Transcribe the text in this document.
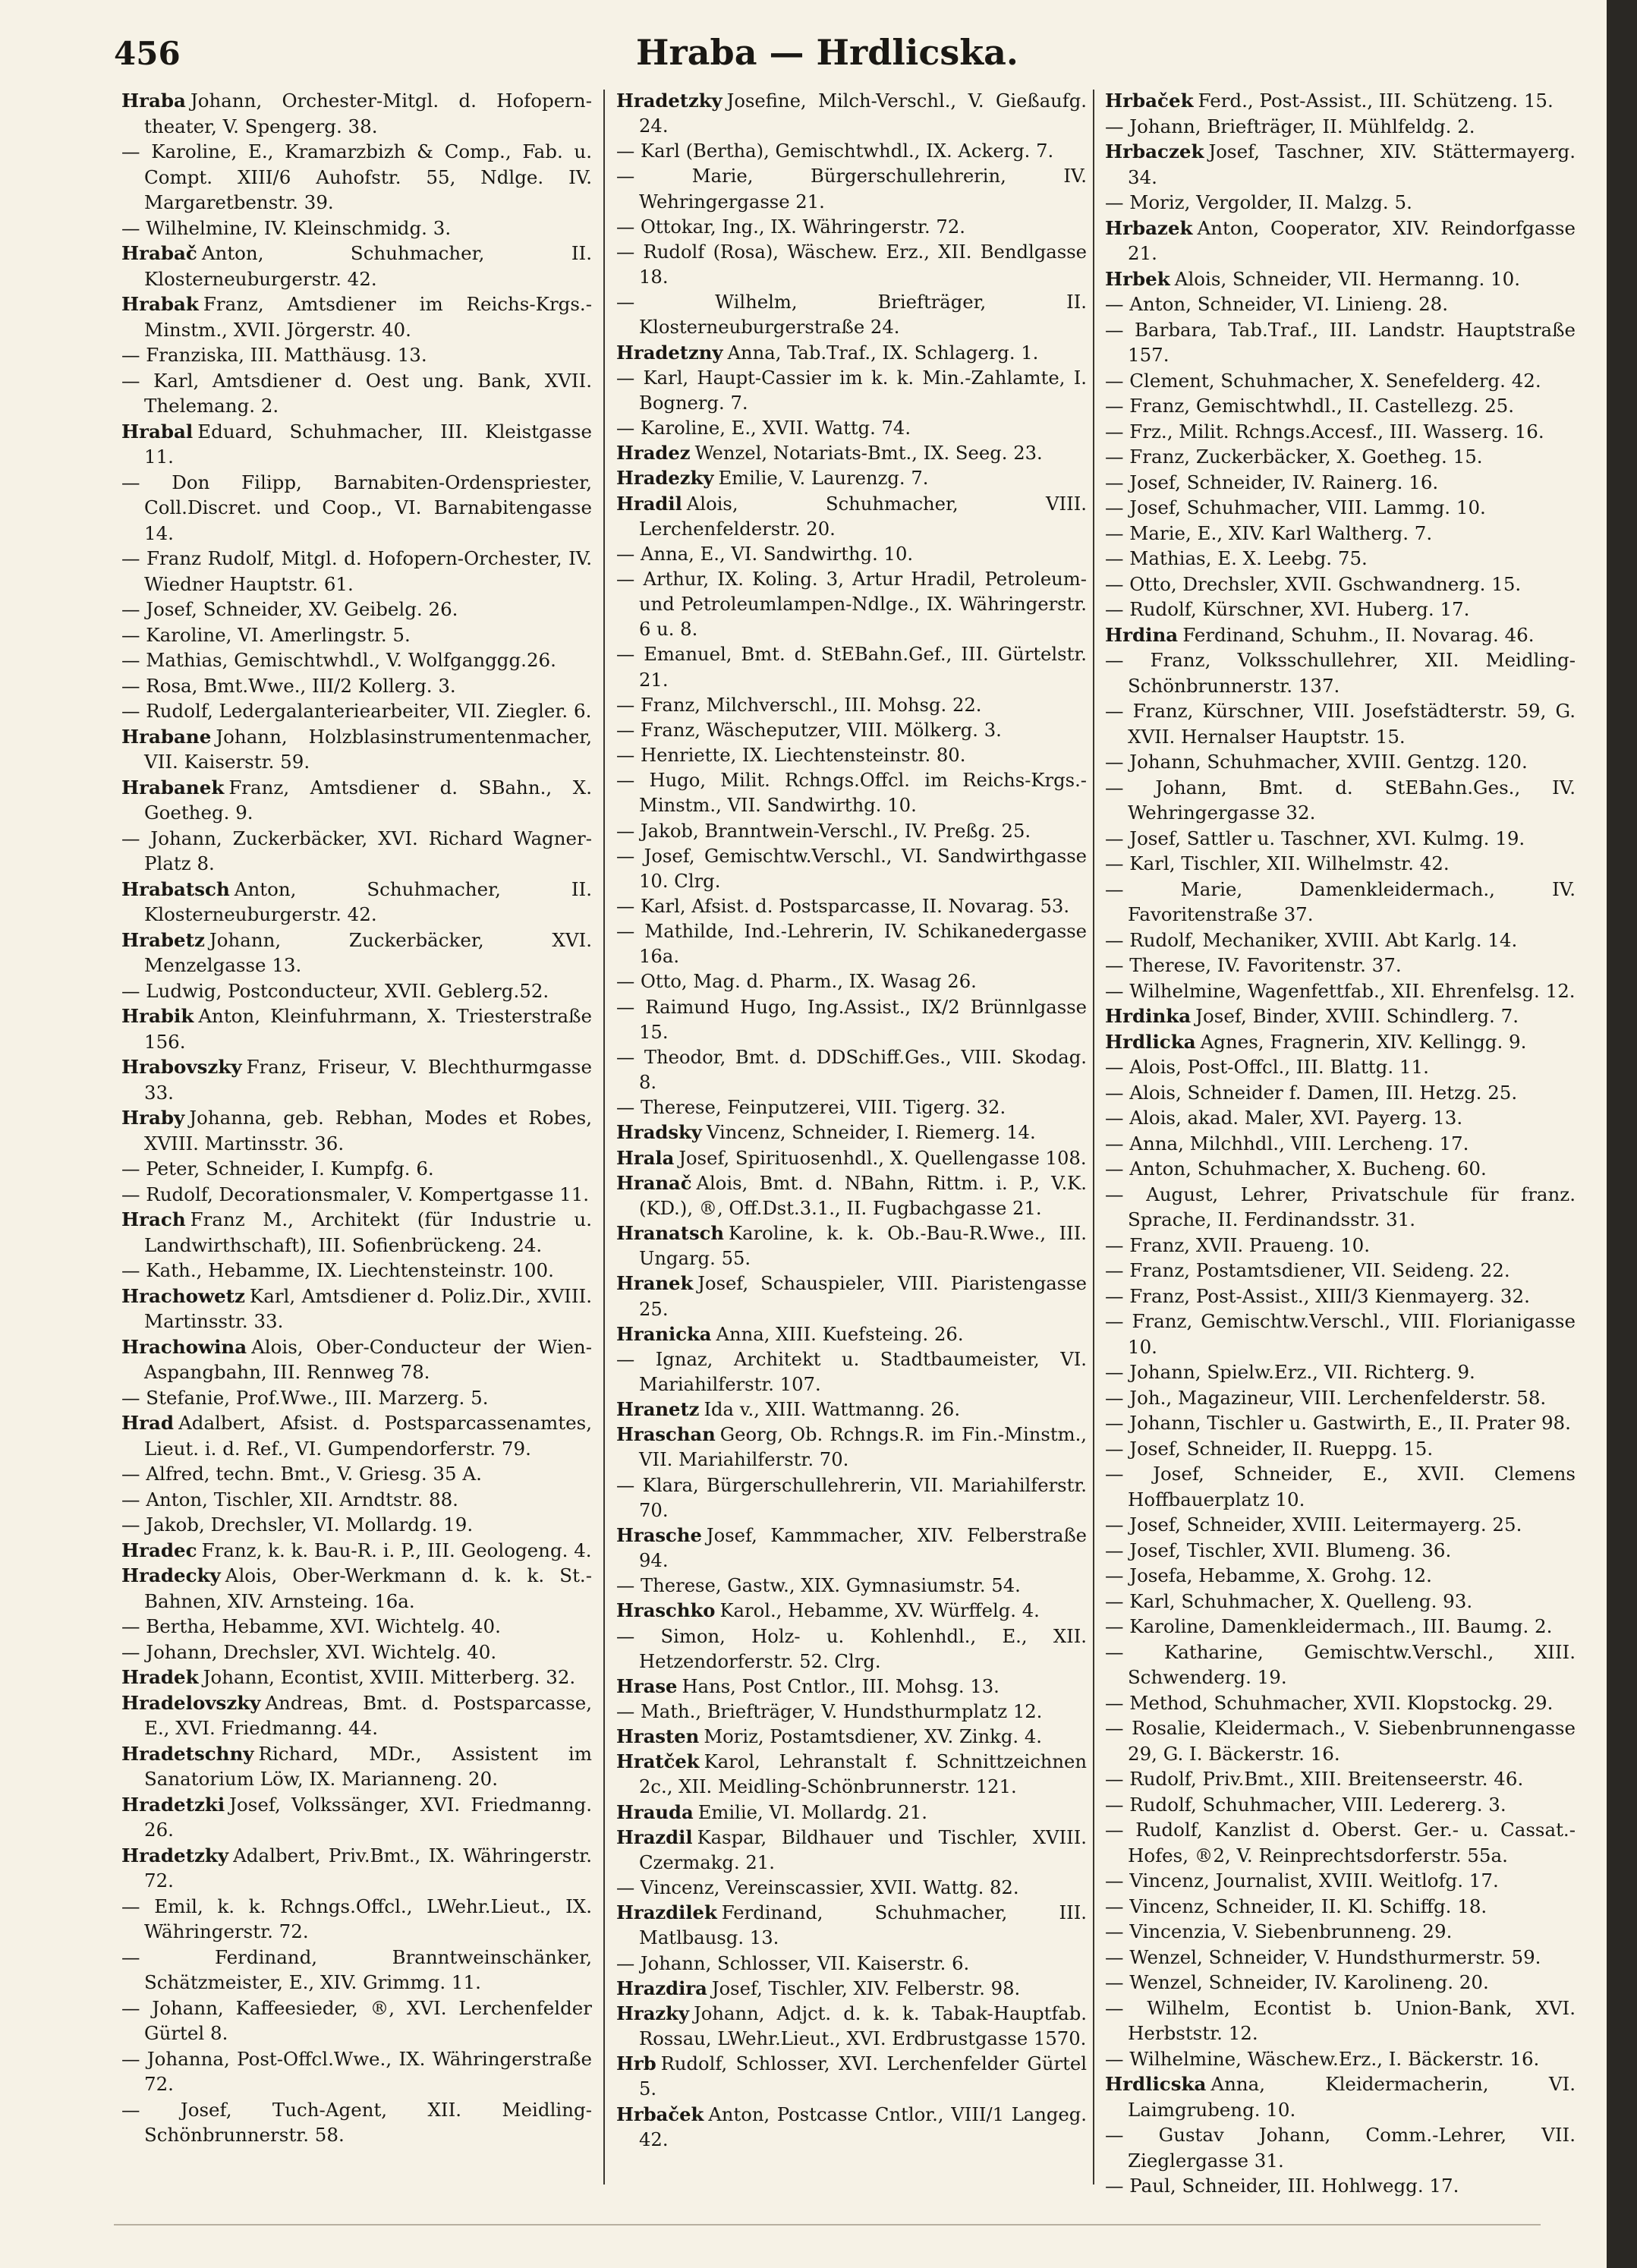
456	Hraba — Hrdlicska.
Hraba Johann, Orchester-Mitgl. d. Hofopern-theater, V. Spengerg. 38.
— Karoline, E., Kramarzbizh & Comp., Fab. u. Compt. XIII/6 Auhofstr. 55, Ndlge. IV. Margaretbenstr. 39.
— Wilhelmine, IV. Kleinschmidg. 3.
Hrabač Anton, Schuhmacher, II. Klosterneuburgerstr. 42.
Hrabak Franz, Amtsdiener im Reichs-Krgs.-Minstm., XVII. Jörgerstr. 40.
— Franziska, III. Matthäusg. 13.
— Karl, Amtsdiener d. Oest ung. Bank, XVII. Thelemang. 2.
Hrabal Eduard, Schuhmacher, III. Kleistgasse 11.
— Don Filipp, Barnabiten-Ordenspriester, Coll.Discret. und Coop., VI. Barnabitengasse 14.
— Franz Rudolf, Mitgl. d. Hofopern-Orchester, IV. Wiedner Hauptstr. 61.
— Josef, Schneider, XV. Geibelg. 26.
— Karoline, VI. Amerlingstr. 5.
— Mathias, Gemischtwhdl., V. Wolfganggg.26.
— Rosa, Bmt.Wwe., III/2 Kollerg. 3.
— Rudolf, Ledergalanteriearbeiter, VII. Ziegler. 6.
Hrabane Johann, Holzblasinstrumentenmacher, VII. Kaiserstr. 59.
Hrabanek Franz, Amtsdiener d. SBahn., X. Goetheg. 9.
— Johann, Zuckerbäcker, XVI. Richard Wagner-Platz 8.
Hrabatsch Anton, Schuhmacher, II. Klosterneuburgerstr. 42.
Hrabetz Johann, Zuckerbäcker, XVI. Menzelgasse 13.
— Ludwig, Postconducteur, XVII. Geblerg.52.
Hrabik Anton, Kleinfuhrmann, X. Triesterstraße 156.
Hrabovszky Franz, Friseur, V. Blechthurmgasse 33.
Hraby Johanna, geb. Rebhan, Modes et Robes, XVIII. Martinsstr. 36.
— Peter, Schneider, I. Kumpfg. 6.
— Rudolf, Decorationsmaler, V. Kompertgasse 11.
Hrach Franz M., Architekt (für Industrie u. Landwirthschaft), III. Sofienbrückeng. 24.
— Kath., Hebamme, IX. Liechtensteinstr. 100.
Hrachowetz Karl, Amtsdiener d. Poliz.Dir., XVIII. Martinsstr. 33.
Hrachowina Alois, Ober-Conducteur der Wien-Aspangbahn, III. Rennweg 78.
— Stefanie, Prof.Wwe., III. Marzerg. 5.
Hrad Adalbert, Afsist. d. Postsparcassenamtes, Lieut. i. d. Ref., VI. Gumpendorferstr. 79.
— Alfred, techn. Bmt., V. Griesg. 35 A.
— Anton, Tischler, XII. Arndtstr. 88.
— Jakob, Drechsler, VI. Mollardg. 19.
Hradec Franz, k. k. Bau-R. i. P., III. Geologeng. 4.
Hradecky Alois, Ober-Werkmann d. k. k. St.-Bahnen, XIV. Arnsteing. 16a.
— Bertha, Hebamme, XVI. Wichtelg. 40.
— Johann, Drechsler, XVI. Wichtelg. 40.
Hradek Johann, Econtist, XVIII. Mitterberg. 32.
Hradelovszky Andreas, Bmt. d. Postsparcasse, E., XVI. Friedmanng. 44.
Hradetschny Richard, MDr., Assistent im Sanatorium Löw, IX. Marianneng. 20.
Hradetzki Josef, Volkssänger, XVI. Friedmanng. 26.
Hradetzky Adalbert, Priv.Bmt., IX. Währingerstr. 72.
— Emil, k. k. Rchngs.Offcl., LWehr.Lieut., IX. Währingerstr. 72.
— Ferdinand, Branntweinschänker, Schätzmeister, E., XIV. Grimmg. 11.
— Johann, Kaffeesieder, ®, XVI. Lerchenfelder Gürtel 8.
— Johanna, Post-Offcl.Wwe., IX. Währingerstraße 72.
— Josef, Tuch-Agent, XII. Meidling-Schönbrunnerstr. 58.
Hradetzky Josefine, Milch-Verschl., V. Gießaufg. 24.
— Karl (Bertha), Gemischtwhdl., IX. Ackerg. 7.
— Marie, Bürgerschullehrerin, IV. Wehringergasse 21.
— Ottokar, Ing., IX. Währingerstr. 72.
— Rudolf (Rosa), Wäschew. Erz., XII. Bendlgasse 18.
— Wilhelm, Briefträger, II. Klosterneuburgerstraße 24.
Hradetzny Anna, Tab.Traf., IX. Schlagerg. 1.
— Karl, Haupt-Cassier im k. k. Min.-Zahlamte, I. Bognerg. 7.
— Karoline, E., XVII. Wattg. 74.
Hradez Wenzel, Notariats-Bmt., IX. Seeg. 23.
Hradezky Emilie, V. Laurenzg. 7.
Hradil Alois, Schuhmacher, VIII. Lerchenfelderstr. 20.
— Anna, E., VI. Sandwirthg. 10.
— Arthur, IX. Koling. 3, Artur Hradil, Petroleum- und Petroleumlampen-Ndlge., IX. Währingerstr. 6 u. 8.
— Emanuel, Bmt. d. StEBahn.Gef., III. Gürtelstr. 21.
— Franz, Milchverschl., III. Mohsg. 22.
— Franz, Wäscheputzer, VIII. Mölkerg. 3.
— Henriette, IX. Liechtensteinstr. 80.
— Hugo, Milit. Rchngs.Offcl. im Reichs-Krgs.-Minstm., VII. Sandwirthg. 10.
— Jakob, Branntwein-Verschl., IV. Preßg. 25.
— Josef, Gemischtw.Verschl., VI. Sandwirthgasse 10. Clrg.
— Karl, Afsist. d. Postsparcasse, II. Novarag. 53.
— Mathilde, Ind.-Lehrerin, IV. Schikanedergasse 16a.
— Otto, Mag. d. Pharm., IX. Wasag 26.
— Raimund Hugo, Ing.Assist., IX/2 Brünnlgasse 15.
— Theodor, Bmt. d. DDSchiff.Ges., VIII. Skodag. 8.
— Therese, Feinputzerei, VIII. Tigerg. 32.
Hradsky Vincenz, Schneider, I. Riemerg. 14.
Hrala Josef, Spirituosenhdl., X. Quellengasse 108.
Hranač Alois, Bmt. d. NBahn, Rittm. i. P., V.K. (KD.), ®, Off.Dst.3.1., II. Fugbachgasse 21.
Hranatsch Karoline, k. k. Ob.-Bau-R.Wwe., III. Ungarg. 55.
Hranek Josef, Schauspieler, VIII. Piaristengasse 25.
Hranicka Anna, XIII. Kuefsteing. 26.
— Ignaz, Architekt u. Stadtbaumeister, VI. Mariahilferstr. 107.
Hranetz Ida v., XIII. Wattmanng. 26.
Hraschan Georg, Ob. Rchngs.R. im Fin.-Minstm., VII. Mariahilferstr. 70.
— Klara, Bürgerschullehrerin, VII. Mariahilferstr. 70.
Hrasche Josef, Kammmacher, XIV. Felberstraße 94.
— Therese, Gastw., XIX. Gymnasiumstr. 54.
Hraschko Karol., Hebamme, XV. Würffelg. 4.
— Simon, Holz- u. Kohlenhdl., E., XII. Hetzendorferstr. 52. Clrg.
Hrase Hans, Post Cntlor., III. Mohsg. 13.
— Math., Briefträger, V. Hundsthurmplatz 12.
Hrasten Moriz, Postamtsdiener, XV. Zinkg. 4.
Hratček Karol, Lehranstalt f. Schnittzeichnen 2c., XII. Meidling-Schönbrunnerstr. 121.
Hrauda Emilie, VI. Mollardg. 21.
Hrazdil Kaspar, Bildhauer und Tischler, XVIII. Czermakg. 21.
— Vincenz, Vereinscassier, XVII. Wattg. 82.
Hrazdilek Ferdinand, Schuhmacher, III. Matlbausg. 13.
— Johann, Schlosser, VII. Kaiserstr. 6.
Hrazdira Josef, Tischler, XIV. Felberstr. 98.
Hrazky Johann, Adjct. d. k. k. Tabak-Hauptfab. Rossau, LWehr.Lieut., XVI. Erdbrustgasse 1570.
Hrb Rudolf, Schlosser, XVI. Lerchenfelder Gürtel 5.
Hrbaček Anton, Postcasse Cntlor., VIII/1 Langeg. 42.
Hrbaček Ferd., Post-Assist., III. Schützeng. 15.
— Johann, Briefträger, II. Mühlfeldg. 2.
Hrbaczek Josef, Taschner, XIV. Stättermayerg. 34.
— Moriz, Vergolder, II. Malzg. 5.
Hrbazek Anton, Cooperator, XIV. Reindorfgasse 21.
Hrbek Alois, Schneider, VII. Hermanng. 10.
— Anton, Schneider, VI. Linieng. 28.
— Barbara, Tab.Traf., III. Landstr. Hauptstraße 157.
— Clement, Schuhmacher, X. Senefelderg. 42.
— Franz, Gemischtwhdl., II. Castellezg. 25.
— Frz., Milit. Rchngs.Accesf., III. Wasserg. 16.
— Franz, Zuckerbäcker, X. Goetheg. 15.
— Josef, Schneider, IV. Rainerg. 16.
— Josef, Schuhmacher, VIII. Lammg. 10.
— Marie, E., XIV. Karl Waltherg. 7.
— Mathias, E. X. Leebg. 75.
— Otto, Drechsler, XVII. Gschwandnerg. 15.
— Rudolf, Kürschner, XVI. Huberg. 17.
Hrdina Ferdinand, Schuhm., II. Novarag. 46.
— Franz, Volksschullehrer, XII. Meidling-Schönbrunnerstr. 137.
— Franz, Kürschner, VIII. Josefstädterstr. 59, G. XVII. Hernalser Hauptstr. 15.
— Johann, Schuhmacher, XVIII. Gentzg. 120.
— Johann, Bmt. d. StEBahn.Ges., IV. Wehringergasse 32.
— Josef, Sattler u. Taschner, XVI. Kulmg. 19.
— Karl, Tischler, XII. Wilhelmstr. 42.
— Marie, Damenkleidermach., IV. Favoritenstraße 37.
— Rudolf, Mechaniker, XVIII. Abt Karlg. 14.
— Therese, IV. Favoritenstr. 37.
— Wilhelmine, Wagenfettfab., XII. Ehrenfelsg. 12.
Hrdinka Josef, Binder, XVIII. Schindlerg. 7.
Hrdlicka Agnes, Fragnerin, XIV. Kellingg. 9.
— Alois, Post-Offcl., III. Blattg. 11.
— Alois, Schneider f. Damen, III. Hetzg. 25.
— Alois, akad. Maler, XVI. Payerg. 13.
— Anna, Milchhdl., VIII. Lercheng. 17.
— Anton, Schuhmacher, X. Bucheng. 60.
— August, Lehrer, Privatschule für franz. Sprache, II. Ferdinandsstr. 31.
— Franz, XVII. Praueng. 10.
— Franz, Postamtsdiener, VII. Seideng. 22.
— Franz, Post-Assist., XIII/3 Kienmayerg. 32.
— Franz, Gemischtw.Verschl., VIII. Florianigasse 10.
— Johann, Spielw.Erz., VII. Richterg. 9.
— Joh., Magazineur, VIII. Lerchenfelderstr. 58.
— Johann, Tischler u. Gastwirth, E., II. Prater 98.
— Josef, Schneider, II. Rueppg. 15.
— Josef, Schneider, E., XVII. Clemens Hoffbauerplatz 10.
— Josef, Schneider, XVIII. Leitermayerg. 25.
— Josef, Tischler, XVII. Blumeng. 36.
— Josefa, Hebamme, X. Grohg. 12.
— Karl, Schuhmacher, X. Quelleng. 93.
— Karoline, Damenkleidermach., III. Baumg. 2.
— Katharine, Gemischtw.Verschl., XIII. Schwenderg. 19.
— Method, Schuhmacher, XVII. Klopstockg. 29.
— Rosalie, Kleidermach., V. Siebenbrunnengasse 29, G. I. Bäckerstr. 16.
— Rudolf, Priv.Bmt., XIII. Breitenseerstr. 46.
— Rudolf, Schuhmacher, VIII. Ledererg. 3.
— Rudolf, Kanzlist d. Oberst. Ger.- u. Cassat.-Hofes, ®2, V. Reinprechtsdorferstr. 55a.
— Vincenz, Journalist, XVIII. Weitlofg. 17.
— Vincenz, Schneider, II. Kl. Schiffg. 18.
— Vincenzia, V. Siebenbrunneng. 29.
— Wenzel, Schneider, V. Hundsthurmerstr. 59.
— Wenzel, Schneider, IV. Karolineng. 20.
— Wilhelm, Econtist b. Union-Bank, XVI. Herbststr. 12.
— Wilhelmine, Wäschew.Erz., I. Bäckerstr. 16.
Hrdlicska Anna, Kleidermacherin, VI. Laimgrubeng. 10.
— Gustav Johann, Comm.-Lehrer, VII. Zieglergasse 31.
— Paul, Schneider, III. Hohlwegg. 17.
